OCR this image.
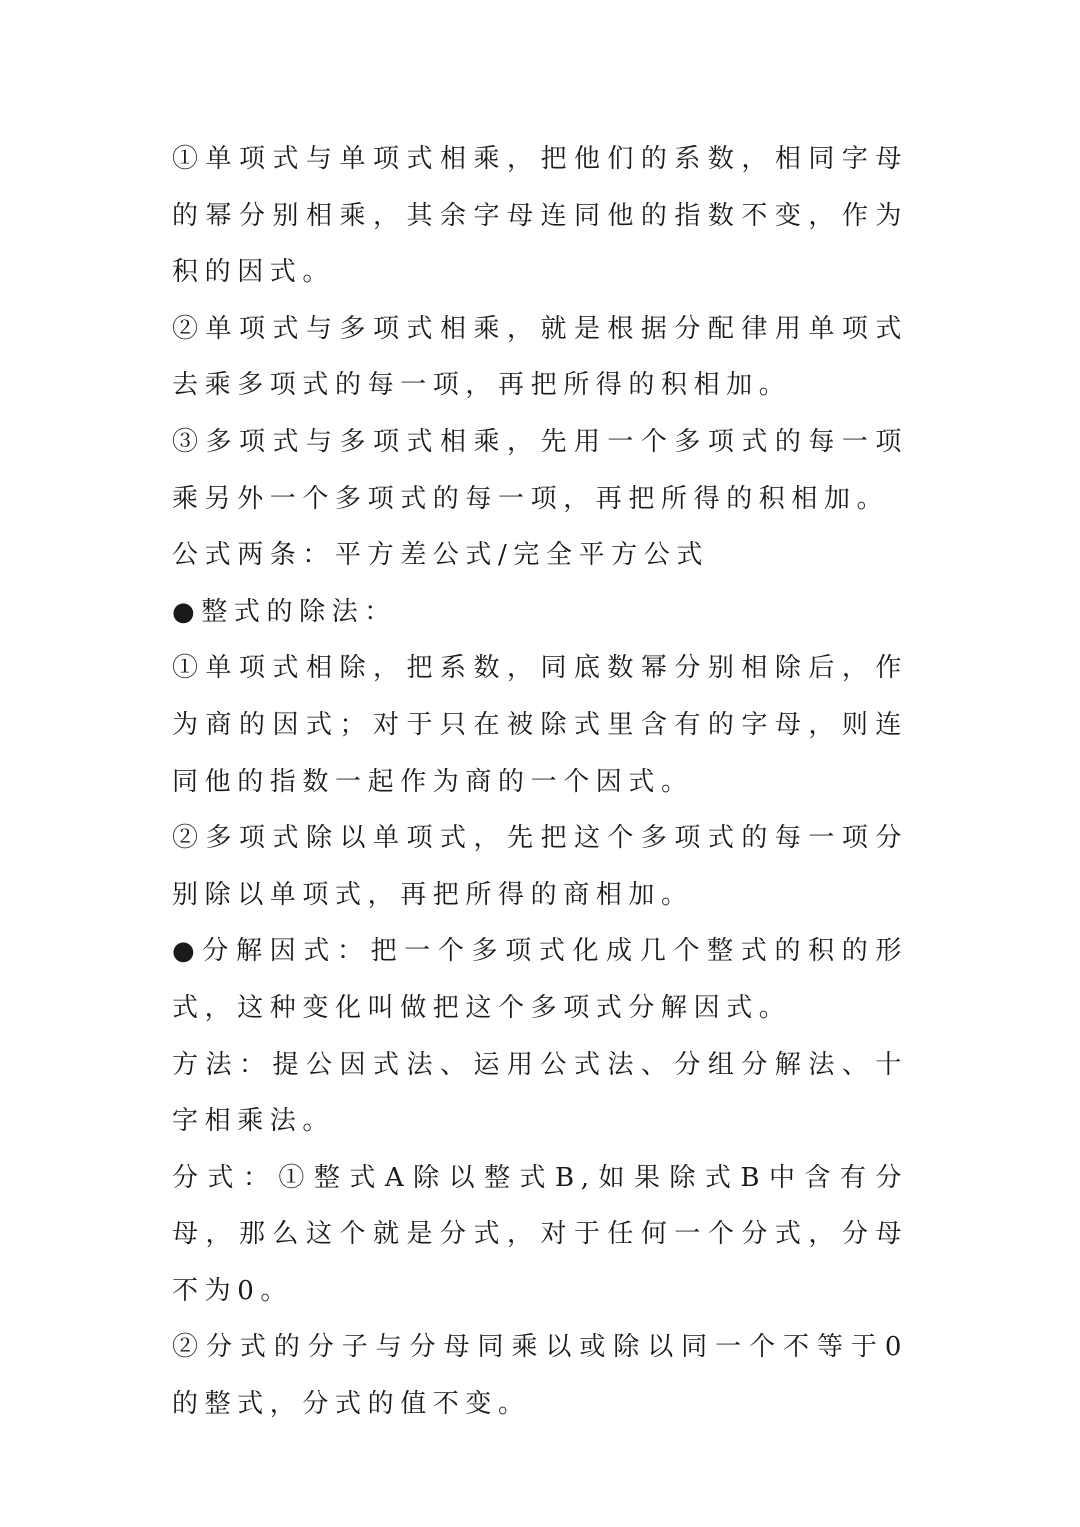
①单项式与单项式相乘，把他们的系数，相同字母的幂分别相乘，其余字母连同他的指数不变，作为积的因式。

②单项式与多项式相乘，就是根据分配律用单项式去乘多项式的每一项，再把所得的积相加。

③多项式与多项式相乘，先用一个多项式的每一项乘另外一个多项式的每一项，再把所得的积相加。

公式两条：平方差公式/完全平方公式

●整式的除法：

①单项式相除，把系数，同底数幂分别相除后，作为商的因式；对于只在被除式里含有的字母，则连同他的指数一起作为商的一个因式。

②多项式除以单项式，先把这个多项式的每一项分别除以单项式，再把所得的商相加。

●分解因式：把一个多项式化成几个整式的积的形式，这种变化叫做把这个多项式分解因式。

方法：提公因式法、运用公式法、分组分解法、十字相乘法。

分式：①整式A除以整式B,如果除式B中含有分母，那么这个就是分式，对于任何一个分式，分母不为0。

②分式的分子与分母同乘以或除以同一个不等于0的整式，分式的值不变。
